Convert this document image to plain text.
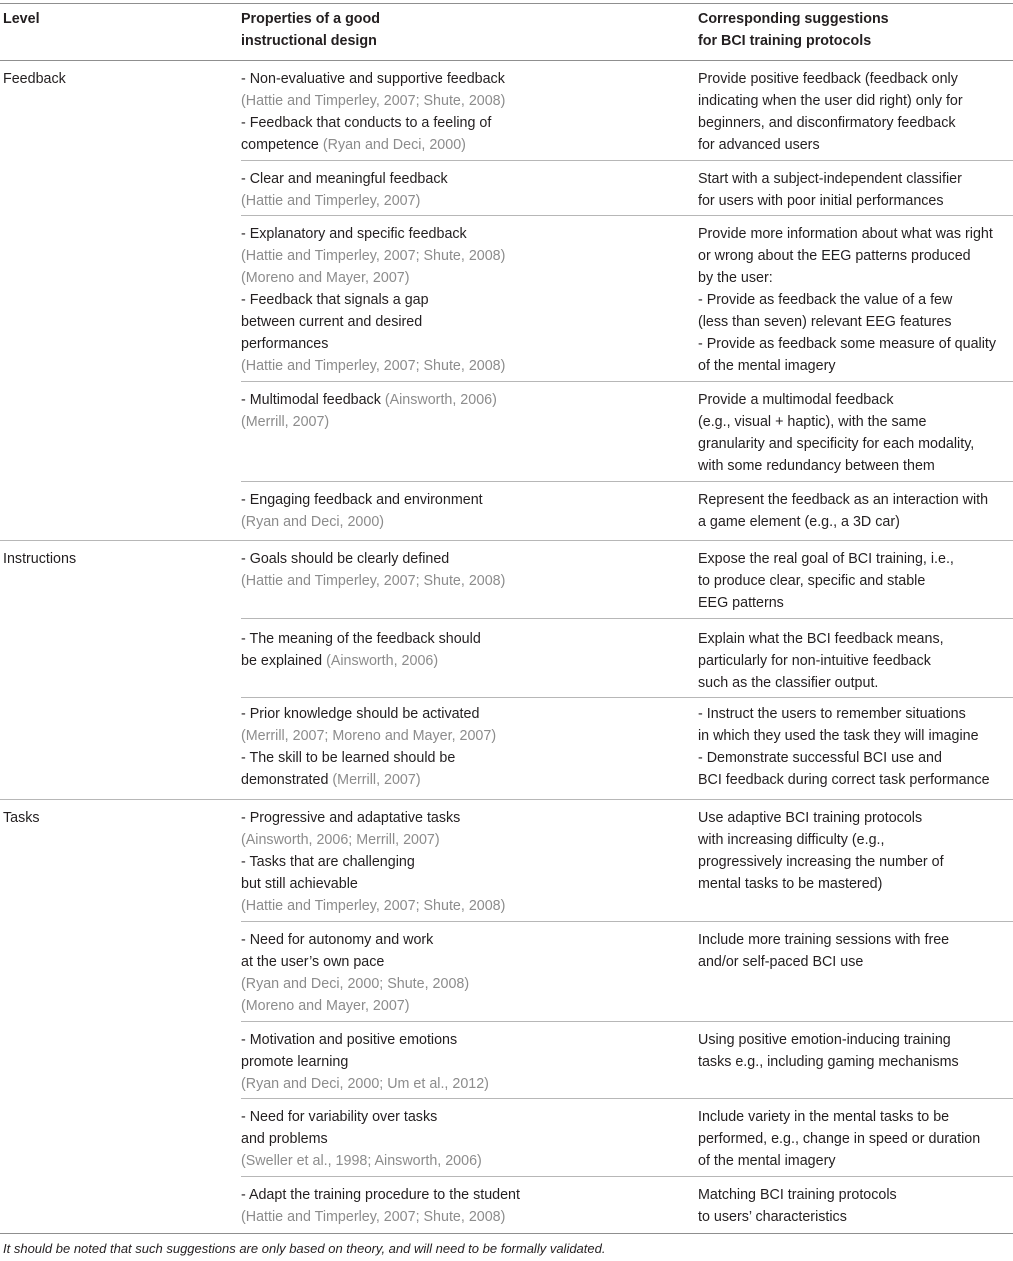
Level	Properties of a good
instructional design
Corresponding suggestions
for BCI training protocols
Feedback
Instructions
Tasks
- Non-evaluative and supportive feedback
(Hattie and Timperley, 2007; Shute, 2008)
- Feedback that conducts to a feeling of
competence (Ryan and Deci, 2000)
Provide positive feedback (feedback only
indicating when the user did right) only for
beginners, and disconfirmatory feedback
for advanced users
- Clear and meaningful feedback
(Hattie and Timperley, 2007)
Start with a subject-independent classifier
for users with poor initial performances
- Explanatory and specific feedback
(Hattie and Timperley, 2007; Shute, 2008)
(Moreno and Mayer, 2007)
- Feedback that signals a gap
between current and desired
performances
(Hattie and Timperley, 2007; Shute, 2008)
Provide more information about what was right
or wrong about the EEG patterns produced
by the user:
- Provide as feedback the value of a few
(less than seven) relevant EEG features
- Provide as feedback some measure of quality
of the mental imagery
- Multimodal feedback (Ainsworth, 2006)
(Merrill, 2007)
Provide a multimodal feedback
(e.g., visual + haptic), with the same
granularity and specificity for each modality,
with some redundancy between them
- Engaging feedback and environment
(Ryan and Deci, 2000)
Represent the feedback as an interaction with
a game element (e.g., a 3D car)
- Goals should be clearly defined
(Hattie and Timperley, 2007; Shute, 2008)
Expose the real goal of BCI training, i.e.,
to produce clear, specific and stable
EEG patterns
- The meaning of the feedback should
be explained (Ainsworth, 2006)
Explain what the BCI feedback means,
particularly for non-intuitive feedback
such as the classifier output.
- Prior knowledge should be activated
(Merrill, 2007; Moreno and Mayer, 2007)
- The skill to be learned should be
demonstrated (Merrill, 2007)
- Instruct the users to remember situations
in which they used the task they will imagine
- Demonstrate successful BCI use and
BCI feedback during correct task performance
- Progressive and adaptative tasks
(Ainsworth, 2006; Merrill, 2007)
- Tasks that are challenging
but still achievable
(Hattie and Timperley, 2007; Shute, 2008)
Use adaptive BCI training protocols
with increasing difficulty (e.g.,
progressively increasing the number of
mental tasks to be mastered)
- Need for autonomy and work
at the user’s own pace
(Ryan and Deci, 2000; Shute, 2008)
(Moreno and Mayer, 2007)
Include more training sessions with free
and/or self-paced BCI use
- Motivation and positive emotions
promote learning
(Ryan and Deci, 2000; Um et al., 2012)
Using positive emotion-inducing training
tasks e.g., including gaming mechanisms
- Need for variability over tasks
and problems
(Sweller et al., 1998; Ainsworth, 2006)
Include variety in the mental tasks to be
performed, e.g., change in speed or duration
of the mental imagery
- Adapt the training procedure to the student
(Hattie and Timperley, 2007; Shute, 2008)
Matching BCI training protocols
to users’ characteristics
It should be noted that such suggestions are only based on theory, and will need to be formally validated.
